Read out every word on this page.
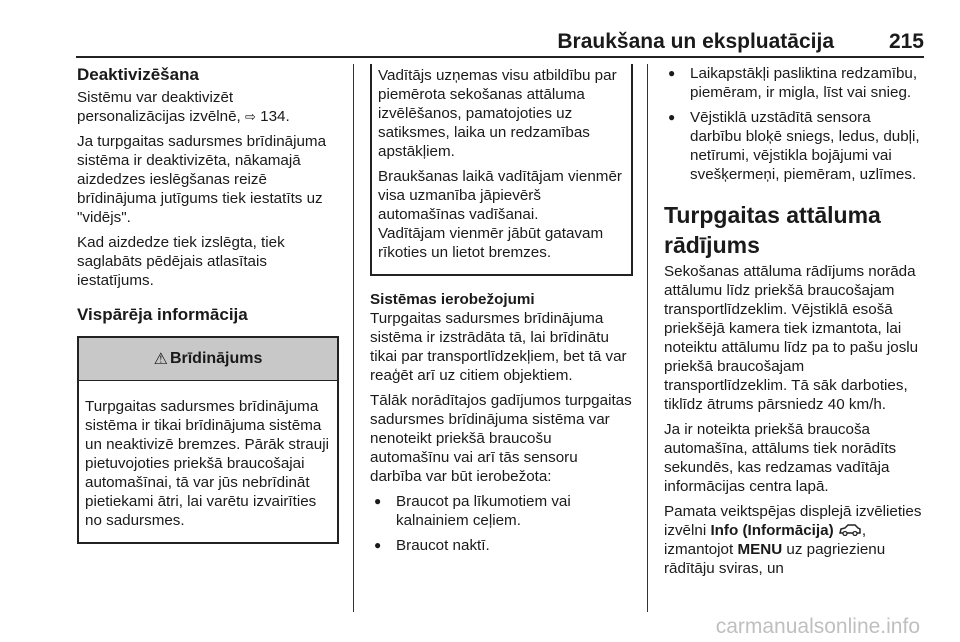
Braukšana un ekspluatācija	215
Deaktivizēšana

Sistēmu var deaktivizēt personalizācijas izvēlnē, ⇨ 134.

Ja turpgaitas sadursmes brīdinājuma sistēma ir deaktivizēta, nākamajā aizdedzes ieslēgšanas reizē brīdinājuma jutīgums tiek iestatīts uz "vidējs".

Kad aizdedze tiek izslēgta, tiek saglabāts pēdējais atlasītais iestatījums.

Vispārēja informācija
⚠ Brīdinājums

Turpgaitas sadursmes brīdinājuma sistēma ir tikai brīdinājuma sistēma un neaktivizē bremzes. Pārāk strauji pietuvojoties priekšā braucošajai automašīnai, tā var jūs nebrīdināt pietiekami ātri, lai varētu izvairīties no sadursmes.

Vadītājs uzņemas visu atbildību par piemērota sekošanas attāluma izvēlēšanos, pamatojoties uz satiksmes, laika un redzamības apstākļiem.

Braukšanas laikā vadītājam vienmēr visa uzmanība jāpievērš automašīnas vadīšanai.

Vadītājam vienmēr jābūt gatavam rīkoties un lietot bremzes.

Sistēmas ierobežojumi

Turpgaitas sadursmes brīdinājuma sistēma ir izstrādāta tā, lai brīdinātu tikai par transportlīdzekļiem, bet tā var reaģēt arī uz citiem objektiem.

Tālāk norādītajos gadījumos turpgaitas sadursmes brīdinājuma sistēma var nenoteikt priekšā braucošu automašīnu vai arī tās sensoru darbība var būt ierobežota:

● Braucot pa līkumotiem vai kalnainiem ceļiem.
● Braucot naktī.
● Laikapstākļi pasliktina redzamību, piemēram, ir migla, līst vai snieg.
● Vējstiklā uzstādītā sensora darbību bloķē sniegs, ledus, dubļi, netīrumi, vējstikla bojājumi vai svešķermeņi, piemēram, uzlīmes.
Turpgaitas attāluma rādījums

Sekošanas attāluma rādījums norāda attālumu līdz priekšā braucošajam transportlīdzeklim. Vējstiklā esošā priekšējā kamera tiek izmantota, lai noteiktu attālumu līdz pa to pašu joslu priekšā braucošajam transportlīdzeklim. Tā sāk darboties, tiklīdz ātrums pārsniedz 40 km/h.

Ja ir noteikta priekšā braucoša automašīna, attālums tiek norādīts sekundēs, kas redzamas vadītāja informācijas centra lapā.

Pamata veiktspējas displejā izvēlieties izvēlni Info (Informācija) , izmantojot MENU uz pagriezienu rādītāju sviras, un

carmanualsonline.info
